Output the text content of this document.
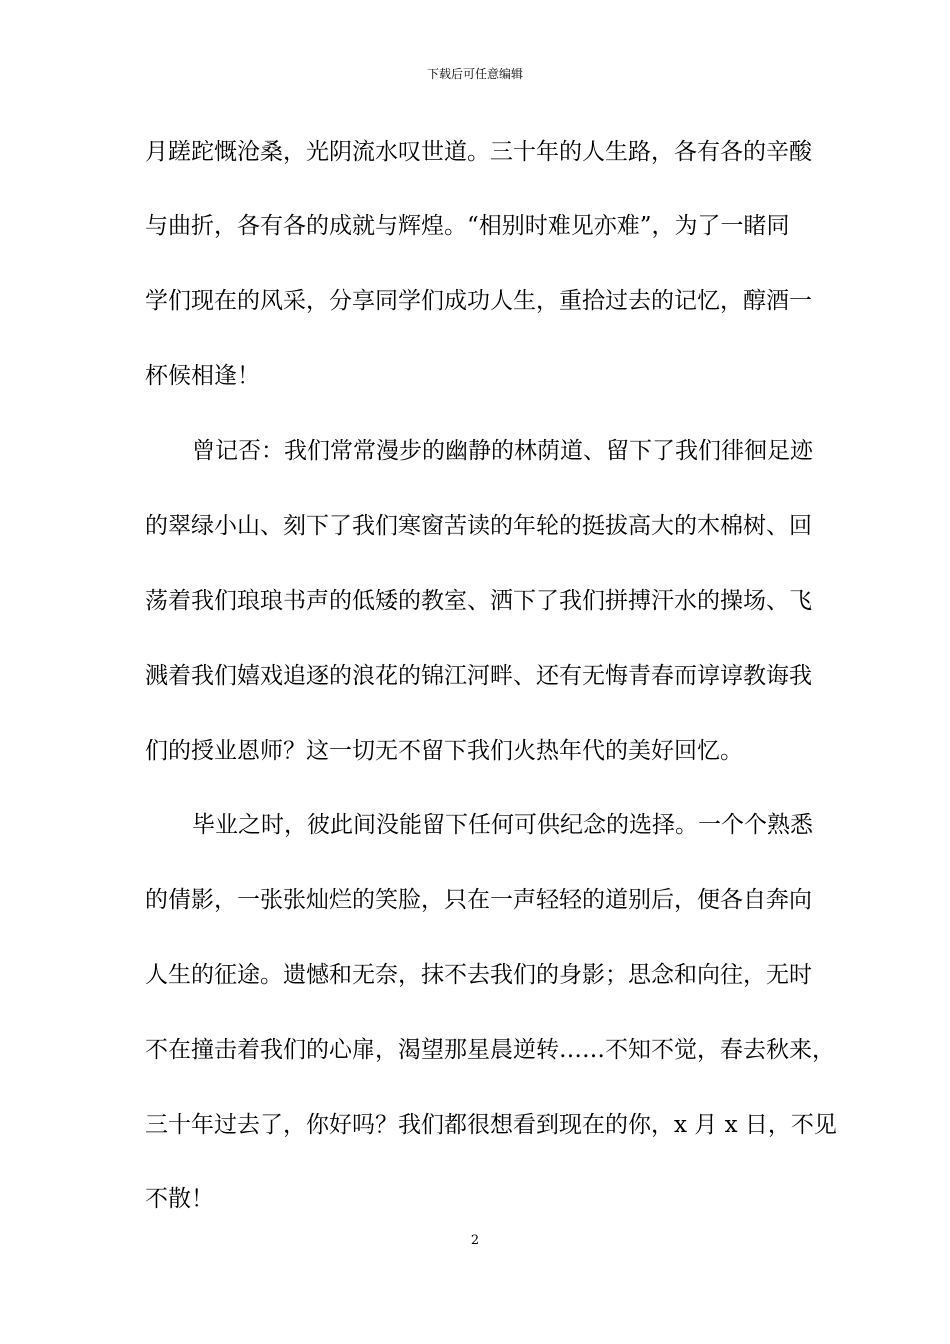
下载后可任意编辑
月蹉跎慨沧桑，光阴流水叹世道。三十年的人生路，各有各的辛酸
与曲折，各有各的成就与辉煌。“相别时难见亦难”，为了一睹同
学们现在的风采，分享同学们成功人生，重拾过去的记忆，醇酒一
杯候相逢！
曾记否：我们常常漫步的幽静的林荫道、留下了我们徘徊足迹
的翠绿小山、刻下了我们寒窗苦读的年轮的挺拔高大的木棉树、回
荡着我们琅琅书声的低矮的教室、洒下了我们拼搏汗水的操场、飞
溅着我们嬉戏追逐的浪花的锦江河畔、还有无悔青春而谆谆教诲我
们的授业恩师？这一切无不留下我们火热年代的美好回忆。
毕业之时，彼此间没能留下任何可供纪念的选择。一个个熟悉
的倩影，一张张灿烂的笑脸，只在一声轻轻的道别后，便各自奔向
人生的征途。遗憾和无奈，抹不去我们的身影；思念和向往，无时
不在撞击着我们的心扉，渴望那星晨逆转……不知不觉，春去秋来，
三十年过去了，你好吗？我们都很想看到现在的你，x 月 x 日，不见
不散！
2
